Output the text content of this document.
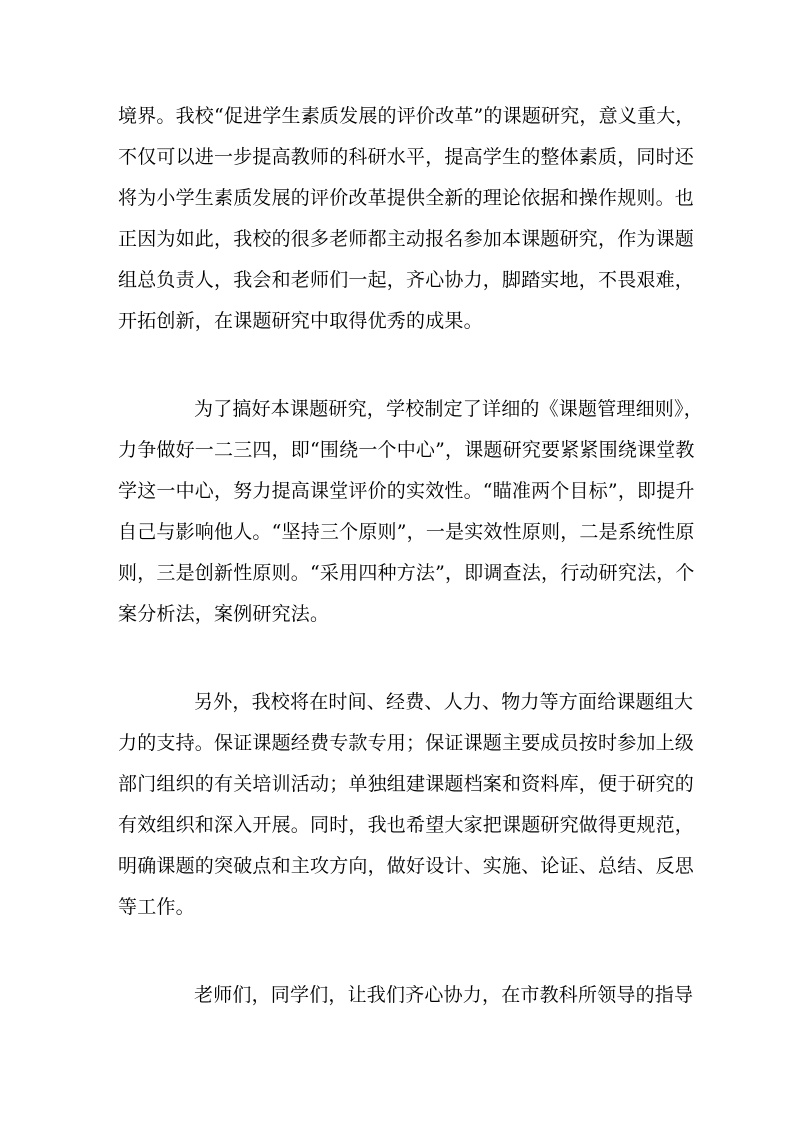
境界。我校“促进学生素质发展的评价改革”的课题研究，意义重大，
不仅可以进一步提高教师的科研水平，提高学生的整体素质，同时还
将为小学生素质发展的评价改革提供全新的理论依据和操作规则。也
正因为如此，我校的很多老师都主动报名参加本课题研究，作为课题
组总负责人，我会和老师们一起，齐心协力，脚踏实地，不畏艰难，
开拓创新，在课题研究中取得优秀的成果。

为了搞好本课题研究，学校制定了详细的《课题管理细则》，
力争做好一二三四，即“围绕一个中心”，课题研究要紧紧围绕课堂教
学这一中心，努力提高课堂评价的实效性。“瞄准两个目标”，即提升
自己与影响他人。“坚持三个原则”，一是实效性原则，二是系统性原
则，三是创新性原则。“采用四种方法”，即调查法，行动研究法，个
案分析法，案例研究法。

另外，我校将在时间、经费、人力、物力等方面给课题组大
力的支持。保证课题经费专款专用；保证课题主要成员按时参加上级
部门组织的有关培训活动；单独组建课题档案和资料库，便于研究的
有效组织和深入开展。同时，我也希望大家把课题研究做得更规范，
明确课题的突破点和主攻方向，做好设计、实施、论证、总结、反思
等工作。

老师们，同学们，让我们齐心协力，在市教科所领导的指导
